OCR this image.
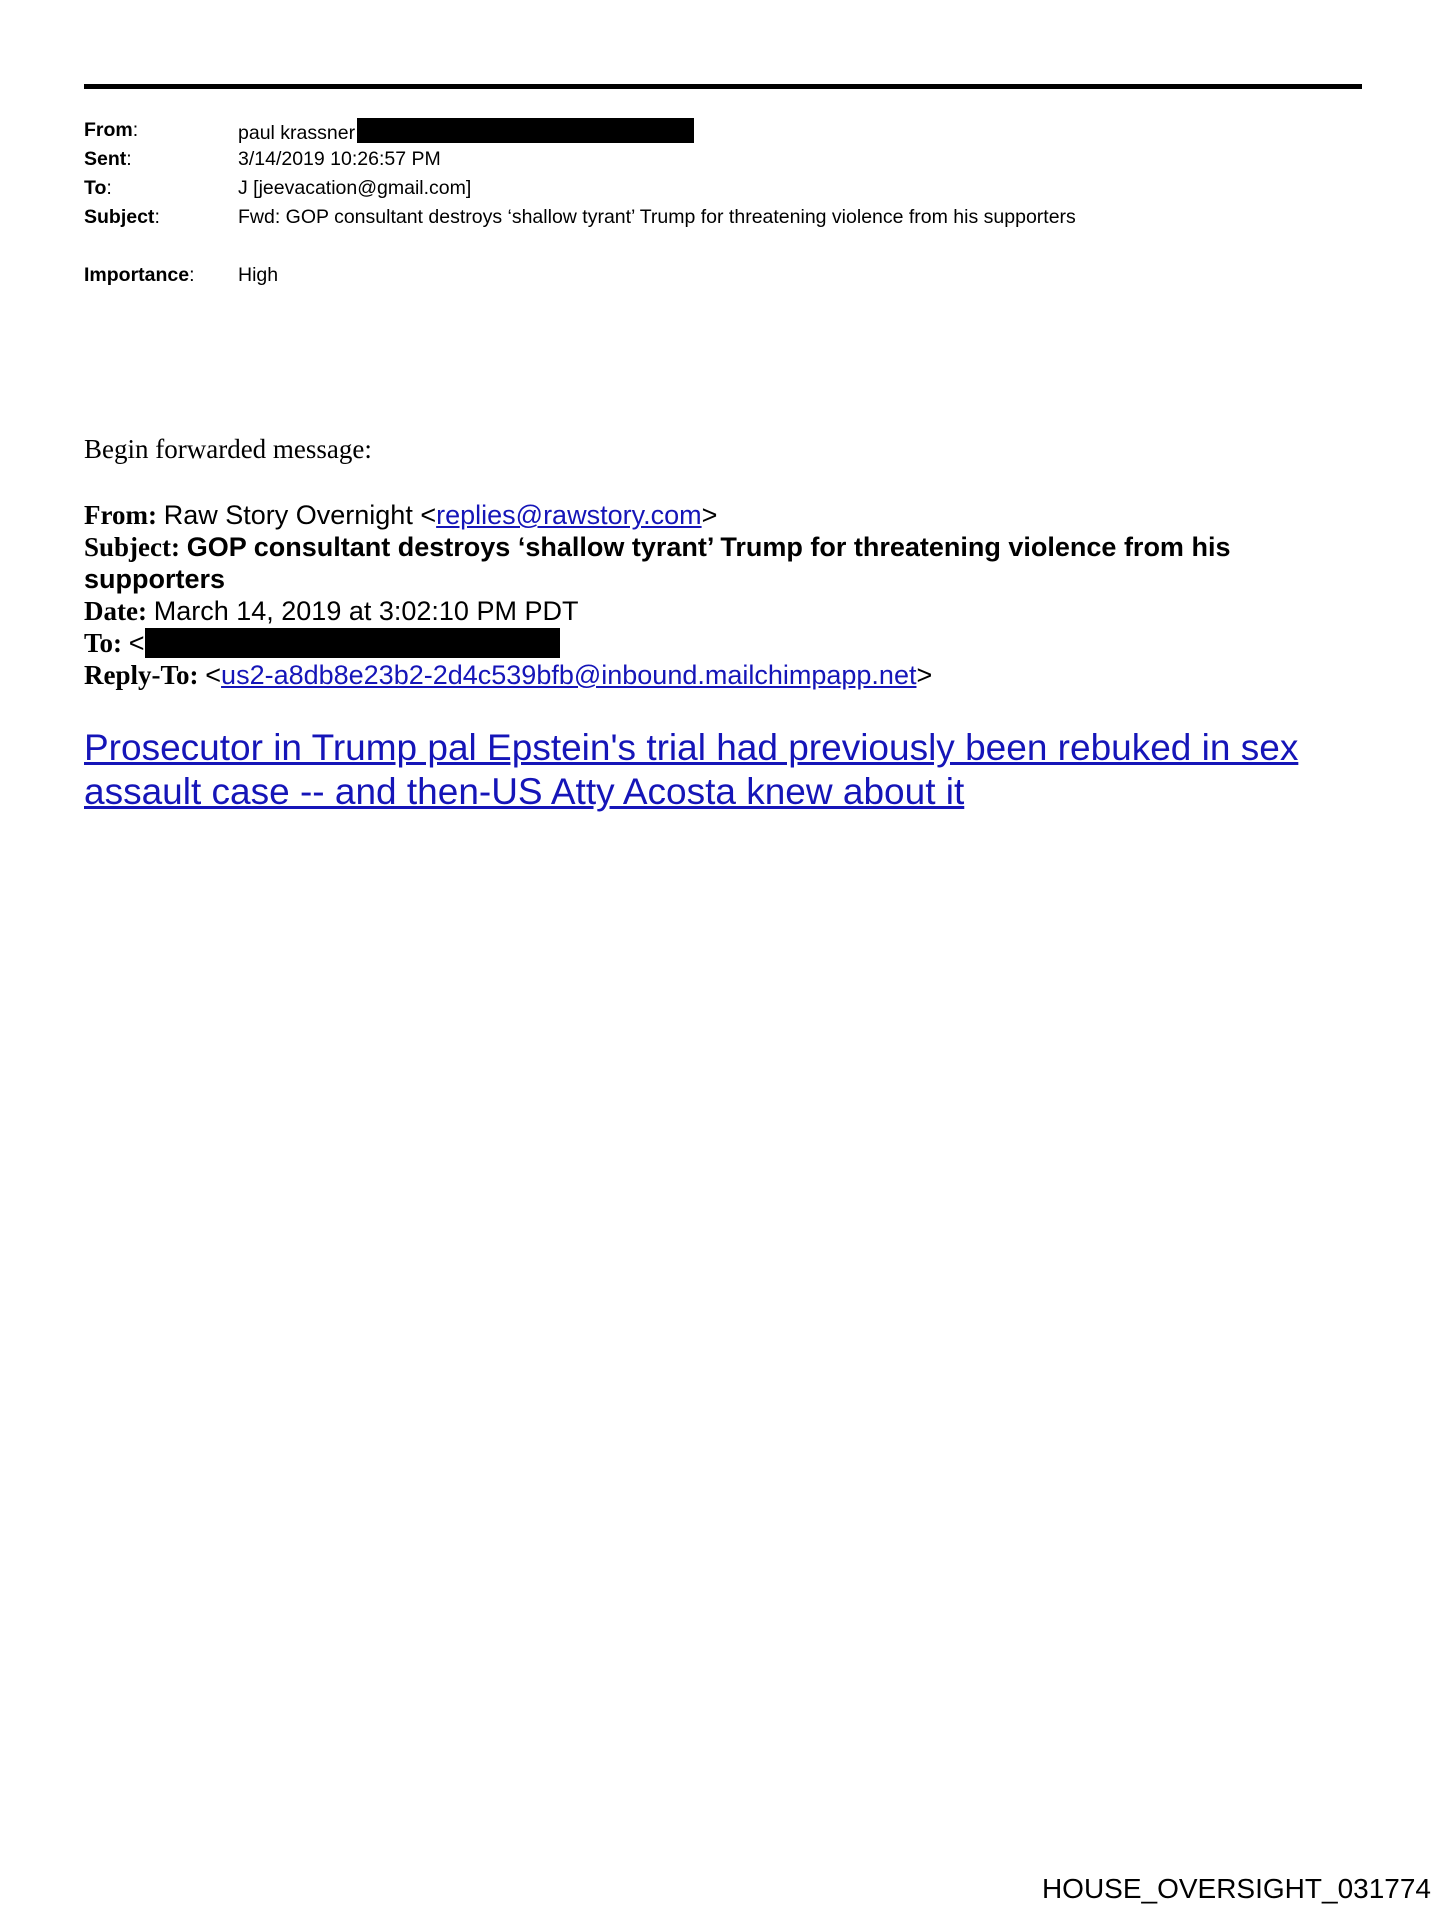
From:	paul krassner
Sent:	3/14/2019 10:26:57 PM
To:	J [jeevacation@gmail.com]
Subject:	Fwd: GOP consultant destroys ‘shallow tyrant’ Trump for threatening violence from his supporters
Importance: High
Begin forwarded message:
From: Raw Story Overnight <replies@rawstory.com>
Subject: GOP consultant destroys ‘shallow tyrant’ Trump for threatening violence from his supporters
Date: March 14, 2019 at 3:02:10 PM PDT
To: <
Reply-To: <us2-a8db8e23b2-2d4c539bfb@inbound.mailchimpapp.net>
Prosecutor in Trump pal Epstein's trial had previously been rebuked in sex assault case -- and then-US Atty Acosta knew about it
HOUSE_OVERSIGHT_031774
